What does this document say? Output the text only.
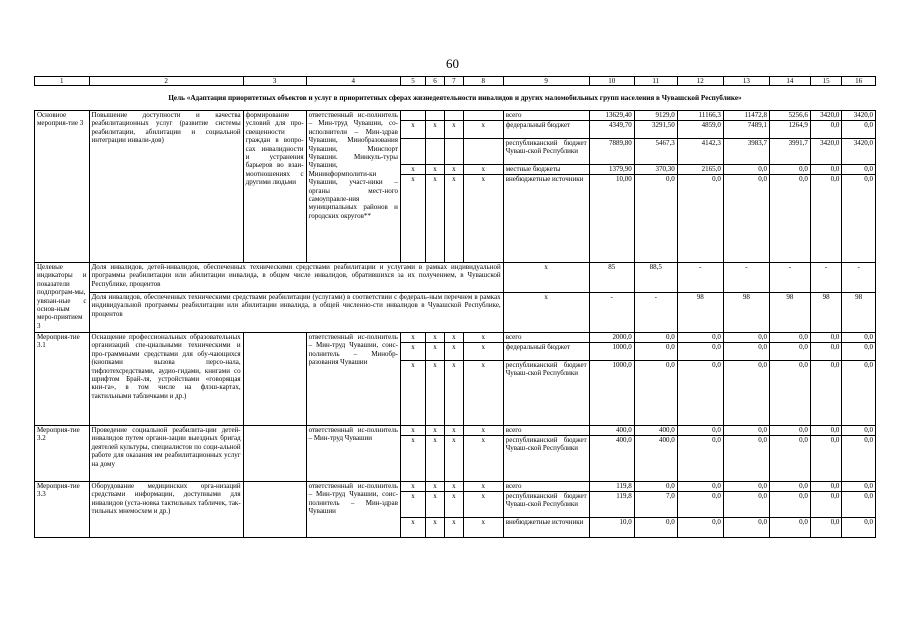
60
1	2	3	4	5	6	7	8	9	10	11	12	13	14	15	16
Цель «Адаптация приоритетных объектов и услуг в приоритетных сферах жизнедеятельности инвалидов и других маломобильных групп населения в Чувашской Республике»															
Основное мероприя-тие 3	Повышение доступности и качества реабилитационных услуг (развитие системы реабилитации, абилитации и социальной интеграции инвали-дов)	формирование условий для про-свещенности граждан в вопро-сах инвалидности и устранения барьеров во взаи-моотношениях с другими людьми	ответственный ис-полнитель – Мин-труд Чувашии, со-исполнители – Мин-здрав Чувашии, Минобразования Чувашии, Минспорт Чувашии. Минкуль-туры Чувашии, Мининформполити-ки Чувашии, участ-ники – органы мест-ного самоуправле-ния муниципальных районов и городских округов**					всего	13629,40	9129,0	11166,3	11472,8	5256,6	3420,0	3420,0
				х	х	х	х	федеральный бюджет	4349,70	3291,50	4859,0	7489,1	1264,9	0,0	0,0
								республиканский бюджет Чуваш-ской Республики	7889,80	5467,3	4142,3	3983,7	3991,7	3420,0	3420,0
				х	х	х	х	местные бюджеты	1379,90	370,30	2165,0	0,0	0,0	0,0	0,0
				х	х	х	х	внебюджетные источники	10,00	0,0	0,0	0,0	0,0	0,0	0,0
Целевые индикаторы и показатели подпрограм-мы, увязан-ные с основ-ным меро-приятием 3	Доля инвалидов, детей-инвалидов, обеспеченных техническими средствами реабилитации и услугами в рамках индивидуальной программы реабилитации или абилитации инвалида, в общем числе инвалидов, обратившихся за их получением, в Чувашской Республике, процентов							х	85	88,5	-	-	-	-	-
	Доля инвалидов, обеспеченных техническими средствами реабилитации (услугами) в соответствии с федераль-ным перечнем в рамках индивидуальной программы реабилитации или абилитации инвалида, в общей численно-сти инвалидов в Чувашской Республике, процентов							х	-	-	98	98	98	98	98
Мероприя-тие 3.1	Оснащение профессиональных образовательных организаций спе-циальными техническими и про-граммными средствами для обу-чающихся (кнопками вызова персо-нала, тифлотехсредствами, аудио-гидами, книгами со шрифтом Брай-ля, устройствами «говорящая кни-га», в том числе на флэш-картах, тактильными табличками и др.)		ответственный ис-полнитель – Мин-труд Чувашии, соис-полнитель – Минобр-разования Чувашии	х	х	х	х	всего	2000,0	0,0	0,0	0,0	0,0	0,0	0,0
				х	х	х	х	федеральный бюджет	1000,0	0,0	0,0	0,0	0,0	0,0	0,0
				х	х	х	х	республиканский бюджет Чуваш-ской Республики	1000,0	0,0	0,0	0,0	0,0	0,0	0,0
Мероприя-тие 3.2	Проведение социальной реабилита-ции детей-инвалидов путем органи-зации выездных бригад деятелей культуры, специалистов по соци-альной работе для оказания им реабилитационных услуг на дому		ответственный ис-полнитель – Мин-труд Чувашии	х	х	х	х	всего	400,0	400,0	0,0	0,0	0,0	0,0	0,0
				х	х	х	х	республиканский бюджет Чуваш-ской Республики	400,0	400,0	0,0	0,0	0,0	0,0	0,0
Мероприя-тие 3.3	Оборудование медицинских орга-низаций средствами информации, доступными для инвалидов (уста-новка тактильных табличек, так-тильных мнемосхем и др.)		ответственный ис-полнитель – Мин-труд Чувашии, соис-полнитель – Мин-здрав Чувашии	х	х	х	х	всего	119,8	0,0	0,0	0,0	0,0	0,0	0,0
				х	х	х	х	республиканский бюджет Чуваш-ской Республики	119,8	7,0	0,0	0,0	0,0	0,0	0,0
				х	х	х	х	внебюджетные источники	10,0	0,0	0,0	0,0	0,0	0,0	0,0
